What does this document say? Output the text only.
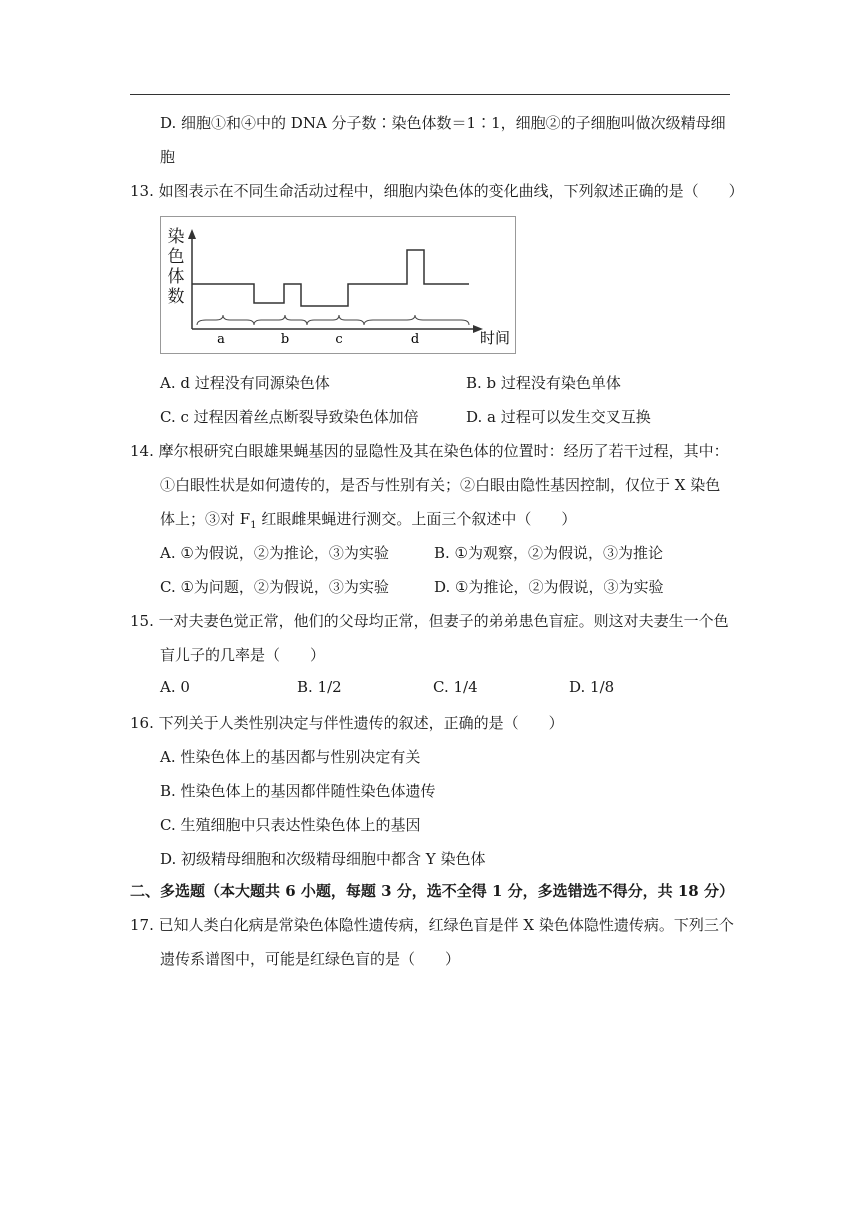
D. 细胞①和④中的 DNA 分子数∶染色体数＝1∶1，细胞②的子细胞叫做次级精母细
胞
13. 如图表示在不同生命活动过程中，细胞内染色体的变化曲线，下列叙述正确的是（　　）
染
色
体
数
a	b	c	d	时间
A. d 过程没有同源染色体	B. b 过程没有染色单体
C. c 过程因着丝点断裂导致染色体加倍	D. a 过程可以发生交叉互换
14. 摩尔根研究白眼雄果蝇基因的显隐性及其在染色体的位置时：经历了若干过程，其中：
①白眼性状是如何遗传的，是否与性别有关；②白眼由隐性基因控制，仅位于 X 染色
体上；③对 $F_1$ 红眼雌果蝇进行测交。上面三个叙述中（　　）
A. ①为假说，②为推论，③为实验	B. ①为观察，②为假说，③为推论
C. ①为问题，②为假说，③为实验	D. ①为推论，②为假说，③为实验
15. 一对夫妻色觉正常，他们的父母均正常，但妻子的弟弟患色盲症。则这对夫妻生一个色
盲儿子的几率是（　　）
A. 0	B. 1/2	C. 1/4	D. 1/8
16. 下列关于人类性别决定与伴性遗传的叙述，正确的是（　　）
A. 性染色体上的基因都与性别决定有关
B. 性染色体上的基因都伴随性染色体遗传
C. 生殖细胞中只表达性染色体上的基因
D. 初级精母细胞和次级精母细胞中都含 Y 染色体
二、多选题（本大题共 6 小题，每题 3 分，选不全得 1 分，多选错选不得分，共 18 分）
17. 已知人类白化病是常染色体隐性遗传病，红绿色盲是伴 X 染色体隐性遗传病。下列三个
遗传系谱图中，可能是红绿色盲的是（　　）
